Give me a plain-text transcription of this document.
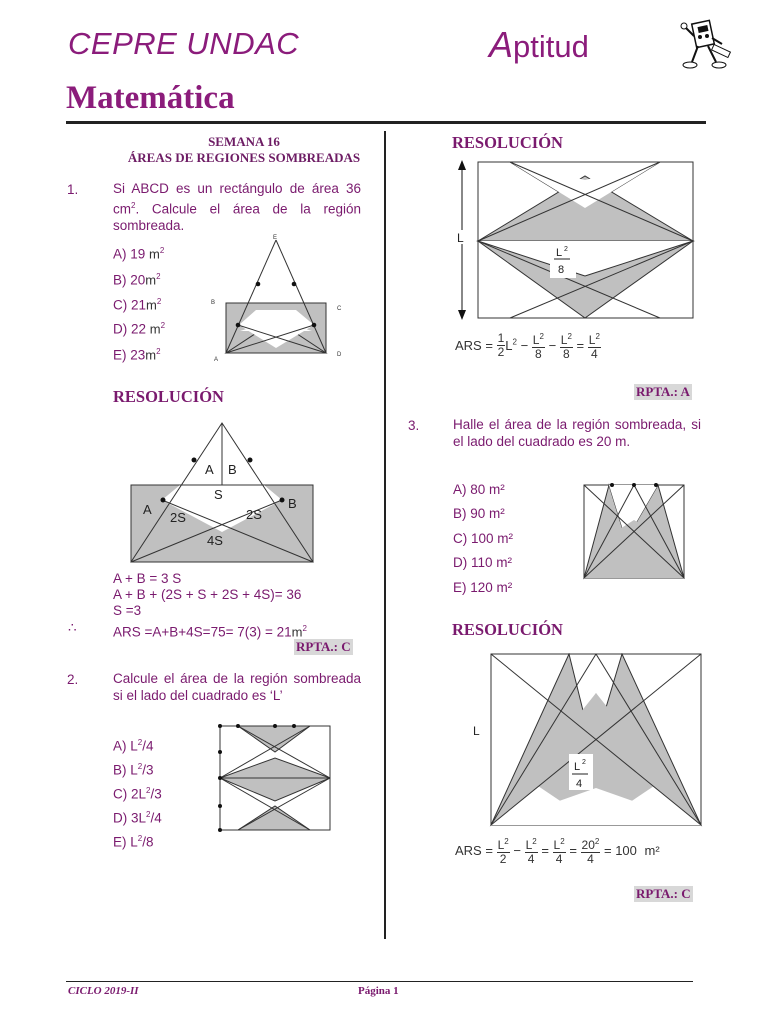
CEPRE UNDAC	Aptitud
Matemática
SEMANA 16
ÁREAS DE REGIONES SOMBREADAS
1.	Si ABCD es un rectángulo de área 36 $cm^2$. Calcule el área de la región sombreada.
A) 19 $m^2$
B) $20m^2$
C) $21m^2$
D) 22 $m^2$
E) $23m^2$
E
B
C
A
D
RESOLUCIÓN
A B
S
2S	2S
4S
A	B
A + B = 3 S
A + B + (2S + S + 2S + 4S)= 36
S =3
∴	ARS $=A+B+4S=75= 7(3) = 21m^2$
RPTA.: C
2.	Calcule el área de la región sombreada si el lado del cuadrado es ‘L’
A) $L^2/4$
B) $L^2/3$
C) $2L^2/3$
D) $3L^2/4$
E) $L^2/8$
RESOLUCIÓN
L
L 2
8
ARS = $\frac{1}{2} L^2 - \frac{L^2}{8} - \frac{L^2}{8} = \frac{L^2}{4}$
RPTA.: A
3. Halle el área de la región sombreada, si el lado del cuadrado es 20 m.
A) 80 m²
B) 90 m²
C) 100 m²
D) 110 m²
E) 120 m²
RESOLUCIÓN
L
L 2
4
ARS = $\frac{L^2}{2} - \frac{L^2}{4} = \frac{L^2}{4} = \frac{20^2}{4} = 100$ m²
RPTA.: C
CICLO 2019-II	Página 1
